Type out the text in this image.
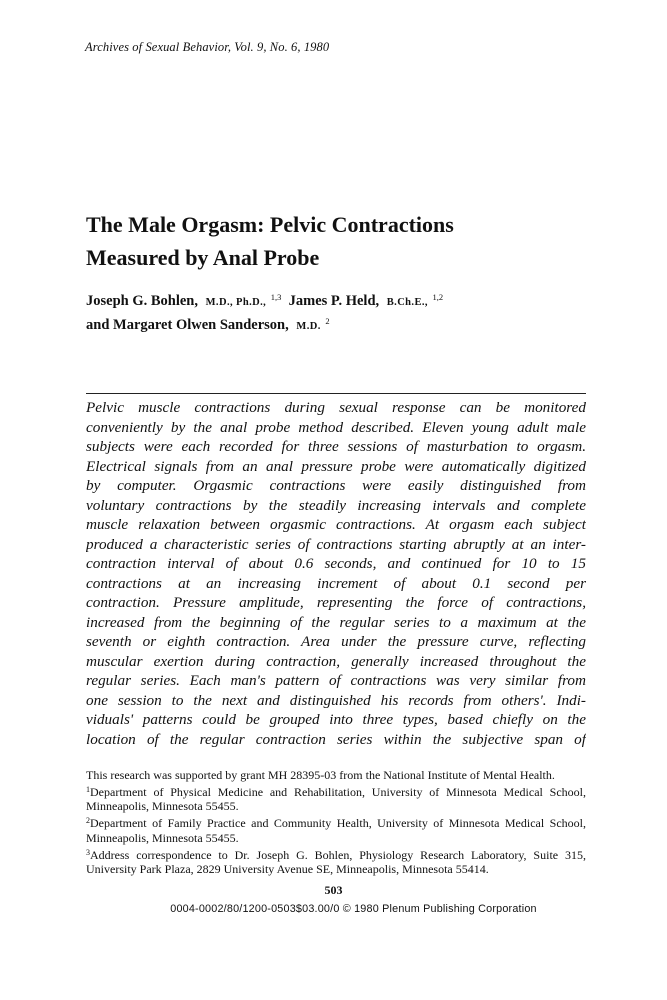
Archives of Sexual Behavior, Vol. 9, No. 6, 1980
The Male Orgasm: Pelvic Contractions
Measured by Anal Probe
Joseph G. Bohlen, M.D., Ph.D., $^{1,3}$ James P. Held, B.Ch.E., $^{1,2}$
and Margaret Olwen Sanderson, M.D. $^2$
Pelvic muscle contractions during sexual response can be monitored
conveniently by the anal probe method described. Eleven young adult male
subjects were each recorded for three sessions of masturbation to orgasm.
Electrical signals from an anal pressure probe were automatically digitized
by computer. Orgasmic contractions were easily distinguished from
voluntary contractions by the steadily increasing intervals and complete
muscle relaxation between orgasmic contractions. At orgasm each subject
produced a characteristic series of contractions starting abruptly at an inter-
contraction interval of about 0.6 seconds, and continued for 10 to 15
contractions at an increasing increment of about 0.1 second per
contraction. Pressure amplitude, representing the force of contractions,
increased from the beginning of the regular series to a maximum at the
seventh or eighth contraction. Area under the pressure curve, reflecting
muscular exertion during contraction, generally increased throughout the
regular series. Each man's pattern of contractions was very similar from
one session to the next and distinguished his records from others'. Indi-
viduals' patterns could be grouped into three types, based chiefly on the
location of the regular contraction series within the subjective span of

This research was supported by grant MH 28395-03 from the National Institute of Mental Health.

$^1$Department of Physical Medicine and Rehabilitation, University of Minnesota Medical School, Minneapolis, Minnesota 55455.

$^2$Department of Family Practice and Community Health, University of Minnesota Medical School, Minneapolis, Minnesota 55455.

$^3$Address correspondence to Dr. Joseph G. Bohlen, Physiology Research Laboratory, Suite 315, University Park Plaza, 2829 University Avenue SE, Minneapolis, Minnesota 55414.

503
0004-0002/80/1200-0503$03.00/0 © 1980 Plenum Publishing Corporation
